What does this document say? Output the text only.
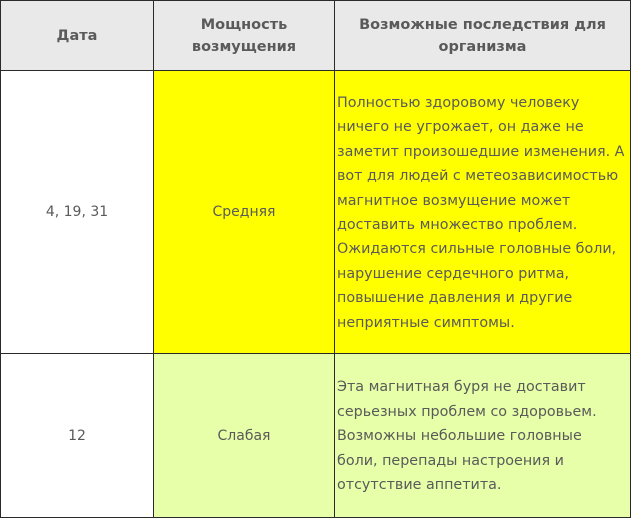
Дата	Мощность возмущения	Возможные последствия для организма
4, 19, 31	Средняя	Полностью здоровому человеку ничего не угрожает, он даже не заметит произошедшие изменения. А вот для людей с метеозависимостью магнитное возмущение может доставить множество проблем. Ожидаются сильные головные боли, нарушение сердечного ритма, повышение давления и другие неприятные симптомы.
12	Слабая	Эта магнитная буря не доставит серьезных проблем со здоровьем. Возможны небольшие головные боли, перепады настроения и отсутствие аппетита.
